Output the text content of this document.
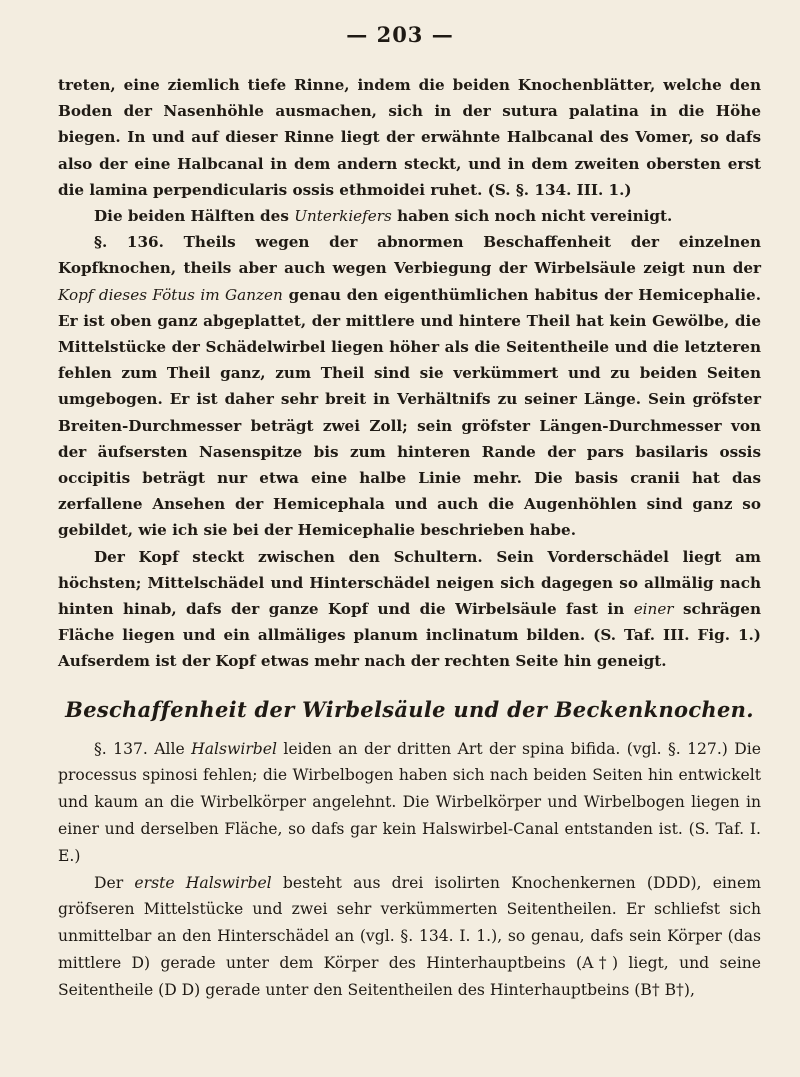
— 203 —

treten, eine ziemlich tiefe Rinne, indem die beiden Knochenblätter, welche den Boden der Nasenhöhle ausmachen, sich in der sutura palatina in die Höhe biegen. In und auf dieser Rinne liegt der erwähnte Halbcanal des Vomer, so dafs also der eine Halbcanal in dem andern steckt, und in dem zweiten obersten erst die lamina perpendicularis ossis ethmoidei ruhet. (S. §. 134. III. 1.)

Die beiden Hälften des Unterkiefers haben sich noch nicht vereinigt.

§. 136. Theils wegen der abnormen Beschaffenheit der einzelnen Kopfknochen, theils aber auch wegen Verbiegung der Wirbelsäule zeigt nun der Kopf dieses Fötus im Ganzen genau den eigenthümlichen habitus der Hemicephalie. Er ist oben ganz abgeplattet, der mittlere und hintere Theil hat kein Gewölbe, die Mittelstücke der Schädelwirbel liegen höher als die Seitentheile und die letzteren fehlen zum Theil ganz, zum Theil sind sie verkümmert und zu beiden Seiten umgebogen. Er ist daher sehr breit in Verhältnifs zu seiner Länge. Sein gröfster Breiten-Durchmesser beträgt zwei Zoll; sein gröfster Längen-Durchmesser von der äufsersten Nasenspitze bis zum hinteren Rande der pars basilaris ossis occipitis beträgt nur etwa eine halbe Linie mehr. Die basis cranii hat das zerfallene Ansehen der Hemicephala und auch die Augenhöhlen sind ganz so gebildet, wie ich sie bei der Hemicephalie beschrieben habe.

Der Kopf steckt zwischen den Schultern. Sein Vorderschädel liegt am höchsten; Mittelschädel und Hinterschädel neigen sich dagegen so allmälig nach hinten hinab, dafs der ganze Kopf und die Wirbelsäule fast in einer schrägen Fläche liegen und ein allmäliges planum inclinatum bilden. (S. Taf. III. Fig. 1.) Aufserdem ist der Kopf etwas mehr nach der rechten Seite hin geneigt.

Beschaffenheit der Wirbelsäule und der Beckenknochen.

§. 137. Alle Halswirbel leiden an der dritten Art der spina bifida. (vgl. §. 127.) Die processus spinosi fehlen; die Wirbelbogen haben sich nach beiden Seiten hin entwickelt und kaum an die Wirbelkörper angelehnt. Die Wirbelkörper und Wirbelbogen liegen in einer und derselben Fläche, so dafs gar kein Halswirbel-Canal entstanden ist. (S. Taf. I. E.)

Der erste Halswirbel besteht aus drei isolirten Knochenkernen (DDD), einem gröfseren Mittelstücke und zwei sehr verkümmerten Seitentheilen. Er schliefst sich unmittelbar an den Hinterschädel an (vgl. §. 134. I. 1.), so genau, dafs sein Körper (das mittlere D) gerade unter dem Körper des Hinterhauptbeins (A†) liegt, und seine Seitentheile (D D) gerade unter den Seitentheilen des Hinterhauptbeins (B† B†),
